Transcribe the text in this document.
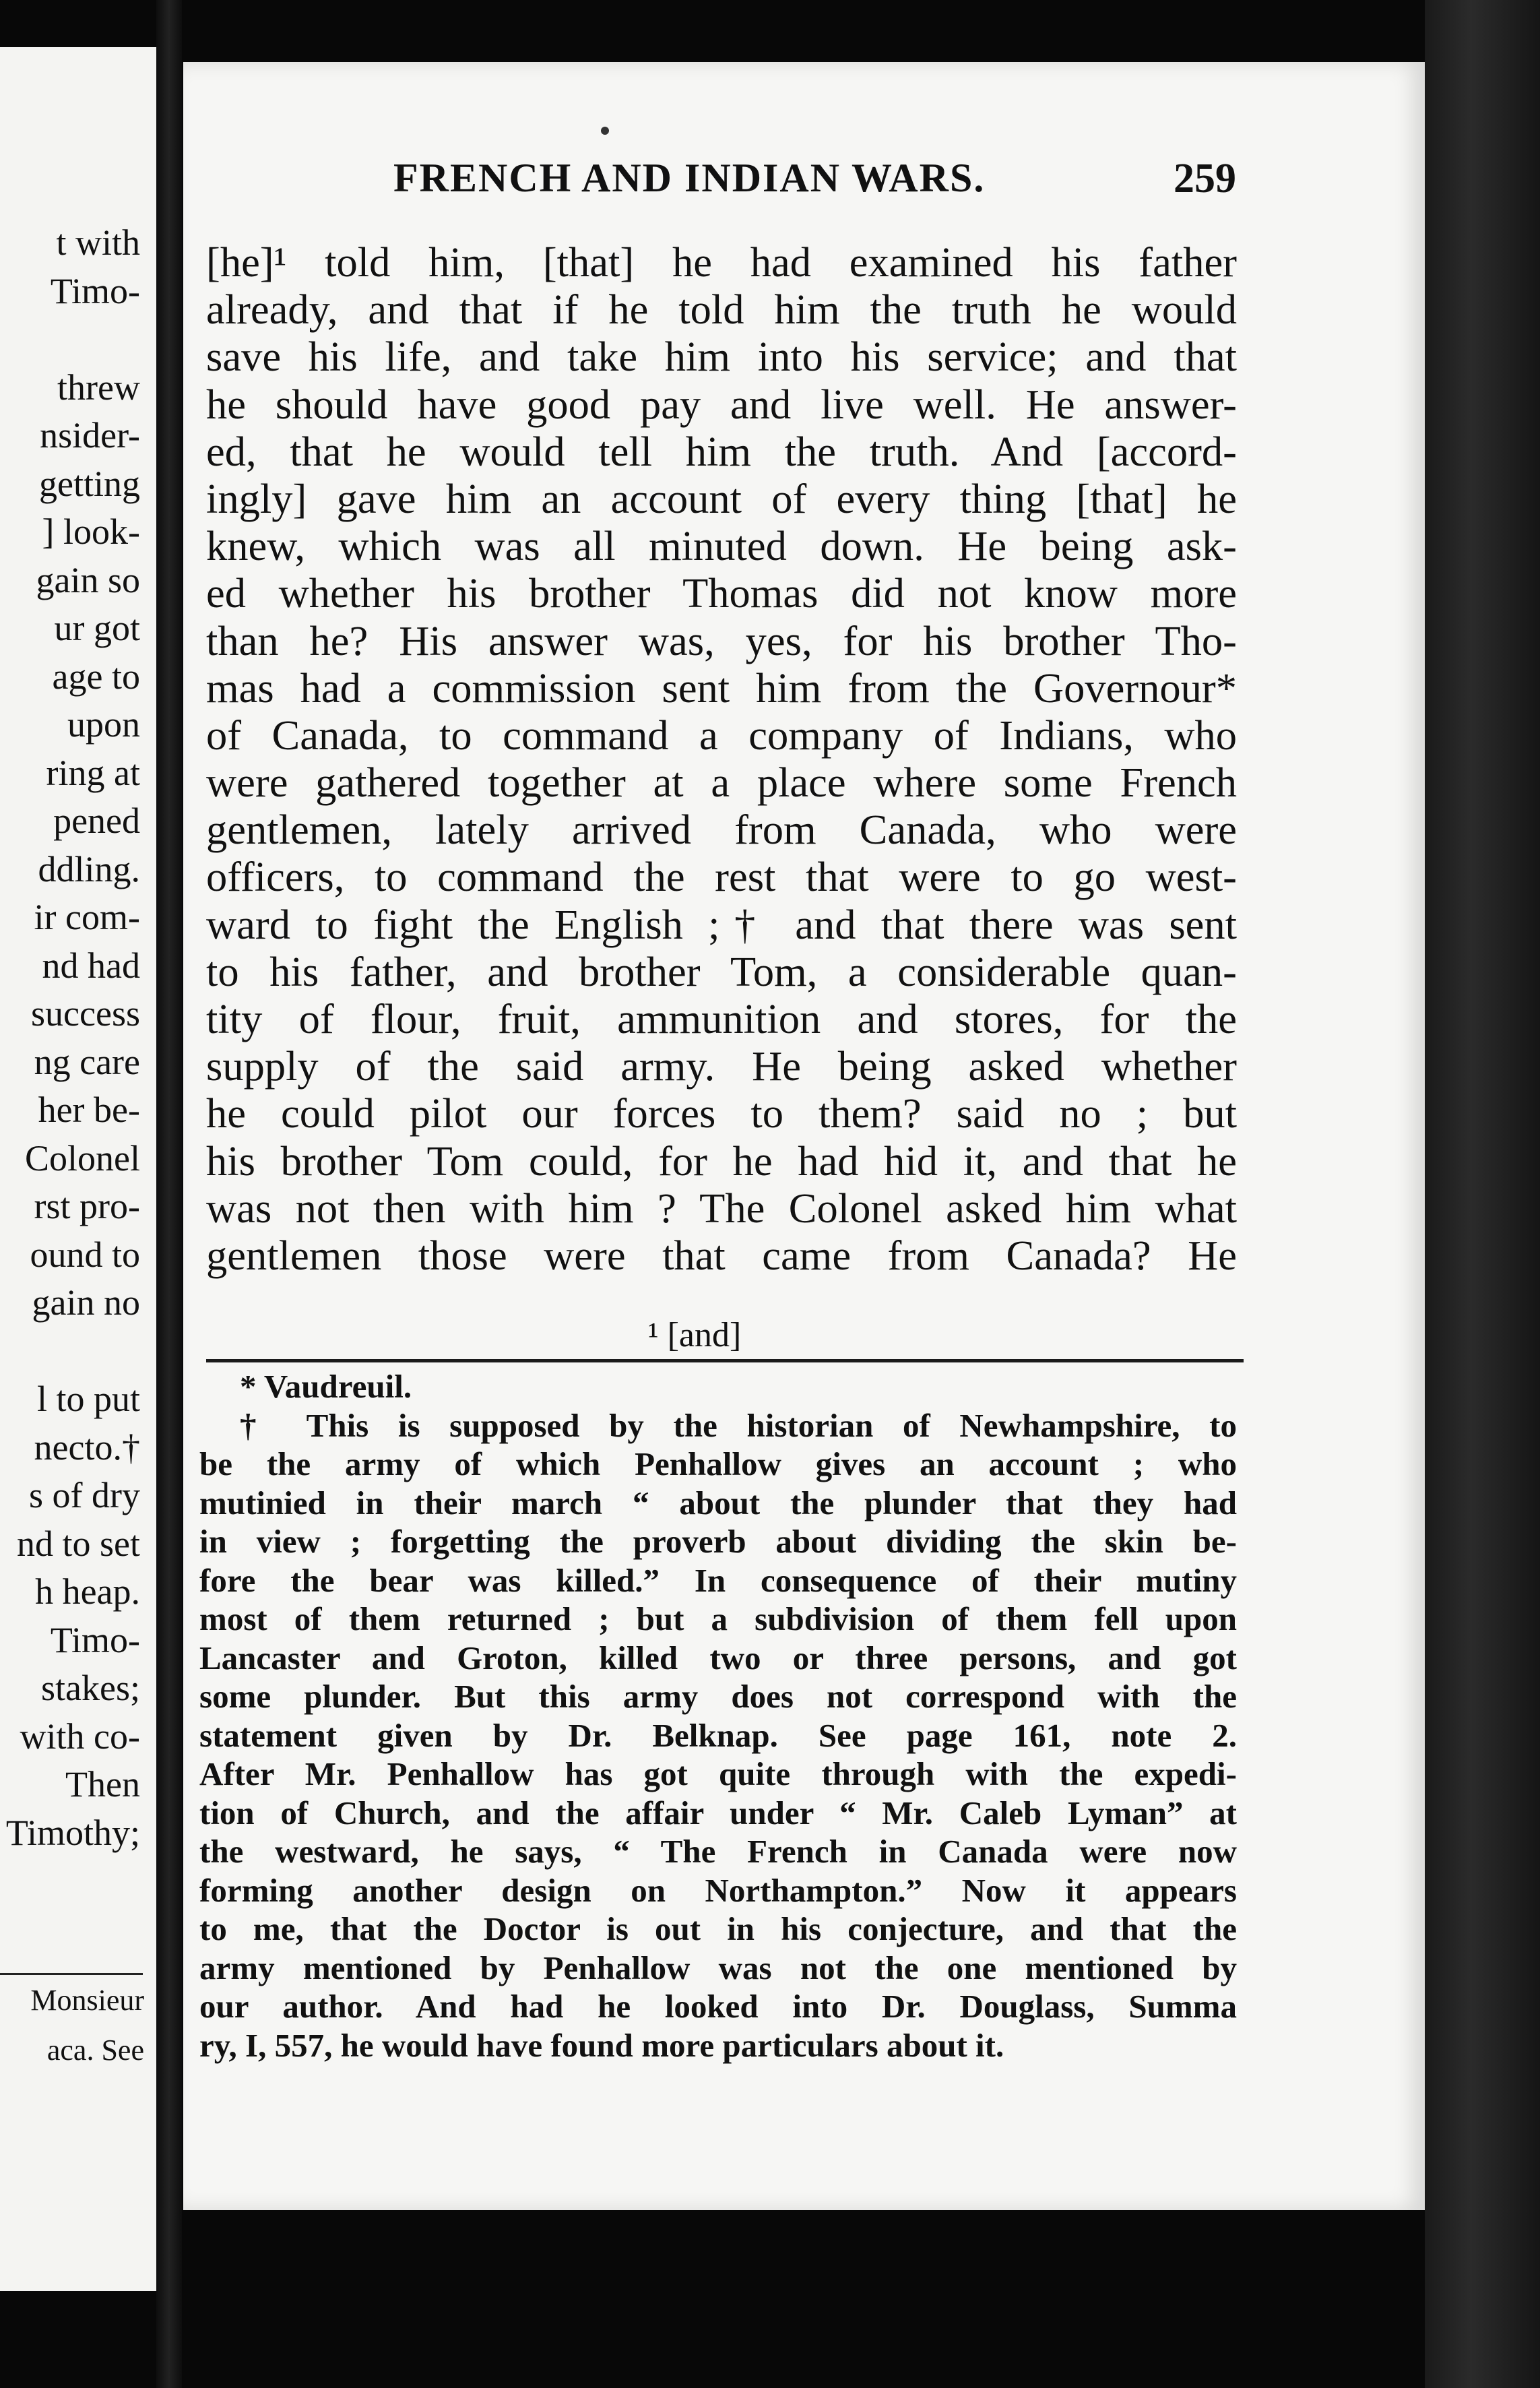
t with
Timo-
threw
nsider-
getting
] look-
gain so
ur got
age to
upon
ring at
pened
ddling.
ir com-
nd had
success
ng care
her be-
Colonel
rst pro-
ound to
gain no
l to put
necto.†
s of dry
nd to set
h heap.
Timo-
stakes;
with co-
Then
Timothy;
Monsieur
aca. See
FRENCH AND INDIAN WARS.	259
[he]¹ told him, [that] he had examined his father
already, and that if he told him the truth he would
save his life, and take him into his service; and that
he should have good pay and live well. He answer-
ed, that he would tell him the truth. And [accord-
ingly] gave him an account of every thing [that] he
knew, which was all minuted down. He being ask-
ed whether his brother Thomas did not know more
than he? His answer was, yes, for his brother Tho-
mas had a commission sent him from the Governour*
of Canada, to command a company of Indians, who
were gathered together at a place where some French
gentlemen, lately arrived from Canada, who were
officers, to command the rest that were to go west-
ward to fight the English ;† and that there was sent
to his father, and brother Tom, a considerable quan-
tity of flour, fruit, ammunition and stores, for the
supply of the said army. He being asked whether
he could pilot our forces to them? said no ; but
his brother Tom could, for he had hid it, and that he
was not then with him ? The Colonel asked him what
gentlemen those were that came from Canada? He
¹ [and]
* Vaudreuil.
† This is supposed by the historian of Newhampshire, to
be the army of which Penhallow gives an account ; who
mutinied in their march “ about the plunder that they had
in view ; forgetting the proverb about dividing the skin be-
fore the bear was killed.” In consequence of their mutiny
most of them returned ; but a subdivision of them fell upon
Lancaster and Groton, killed two or three persons, and got
some plunder. But this army does not correspond with the
statement given by Dr. Belknap. See page 161, note 2.
After Mr. Penhallow has got quite through with the expedi-
tion of Church, and the affair under “ Mr. Caleb Lyman” at
the westward, he says, “ The French in Canada were now
forming another design on Northampton.” Now it appears
to me, that the Doctor is out in his conjecture, and that the
army mentioned by Penhallow was not the one mentioned by
our author. And had he looked into Dr. Douglass, Summa
ry, I, 557, he would have found more particulars about it.
